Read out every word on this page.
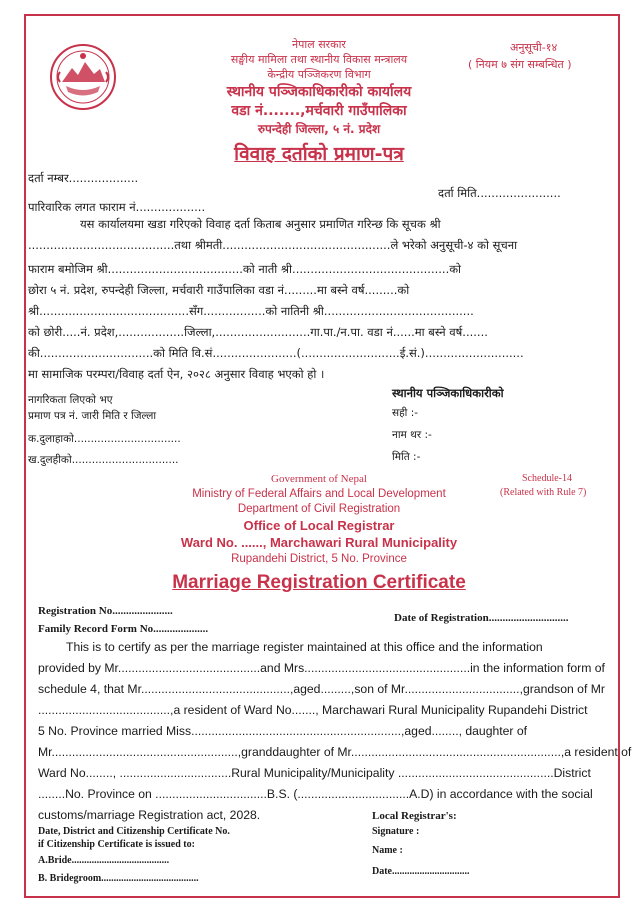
नेपाल सरकार
सङ्घीय मामिला तथा स्थानीय विकास मन्त्रालय
केन्द्रीय पञ्जिकरण विभाग
स्थानीय पञ्जिकाधिकारीको कार्यालय
वडा नं.......,मर्चवारी गाउँपालिका
रुपन्देही जिल्ला, ५ नं. प्रदेश
अनुसूची-१४
( नियम ७ संग सम्बन्धित )
विवाह दर्ताको प्रमाण-पत्र
दर्ता नम्बर...................
दर्ता मिति.......................
पारिवारिक लगत फाराम नं...................
यस कार्यालयमा खडा गरिएको विवाह दर्ता किताब अनुसार प्रमाणित गरिन्छ कि सूचक श्री
........................................तथा श्रीमती..............................................ले भरेको अनुसूची-४ को सूचना
फाराम बमोजिम श्री.....................................को नाती श्री...........................................को
छोरा ५ नं. प्रदेश, रुपन्देही जिल्ला, मर्चवारी गाउँपालिका वडा नं.........मा बस्ने वर्ष.........को
श्री.........................................सँग.................को नातिनी श्री.........................................
को छोरी.....नं. प्रदेश,..................जिल्ला,..........................गा.पा./न.पा. वडा नं......मा बस्ने वर्ष.......
की...............................को मिति वि.सं.......................(...........................ई.सं.)...........................
मा सामाजिक परम्परा/विवाह दर्ता ऐन, २०२८ अनुसार विवाह भएको हो ।
नागरिकता लिएको भए
प्रमाण पत्र नं. जारी मिति र जिल्ला
क.दुलाहाको................................
ख.दुलहीको................................
स्थानीय पञ्जिकाधिकारीको
सही :-
नाम थर :-
मिति :-
Government of Nepal
Ministry of Federal Affairs and Local Development
Department of Civil Registration
Office of Local Registrar
Ward No. ......, Marchawari Rural Municipality
Rupandehi District, 5 No. Province
Schedule-14
(Related with Rule 7)
Marriage Registration Certificate
Registration No......................
Date of Registration.............................
Family Record Form No....................
This is to certify as per the marriage register maintained at this office and the information
provided by Mr..........................................and Mrs.................................................in the information form of
schedule 4, that Mr............................................,aged.........,son of Mr..................................,grandson of Mr
.......................................,a resident of Ward No......., Marchawari Rural Municipality Rupandehi District
5 No. Province married Miss..............................................................,aged........, daughter of
Mr.......................................................,granddaughter of Mr..............................................................,a resident of
Ward No........, .................................Rural Municipality/Municipality ..............................................District
........No. Province on .................................B.S. (.................................A.D) in accordance with the social
customs/marriage Registration act, 2028.
Date, District and Citizenship Certificate No.
if Citizenship Certificate is issued to:
A.Bride.......................................
B. Bridegroom.......................................
Local Registrar's:
Signature :
Name :
Date...............................
